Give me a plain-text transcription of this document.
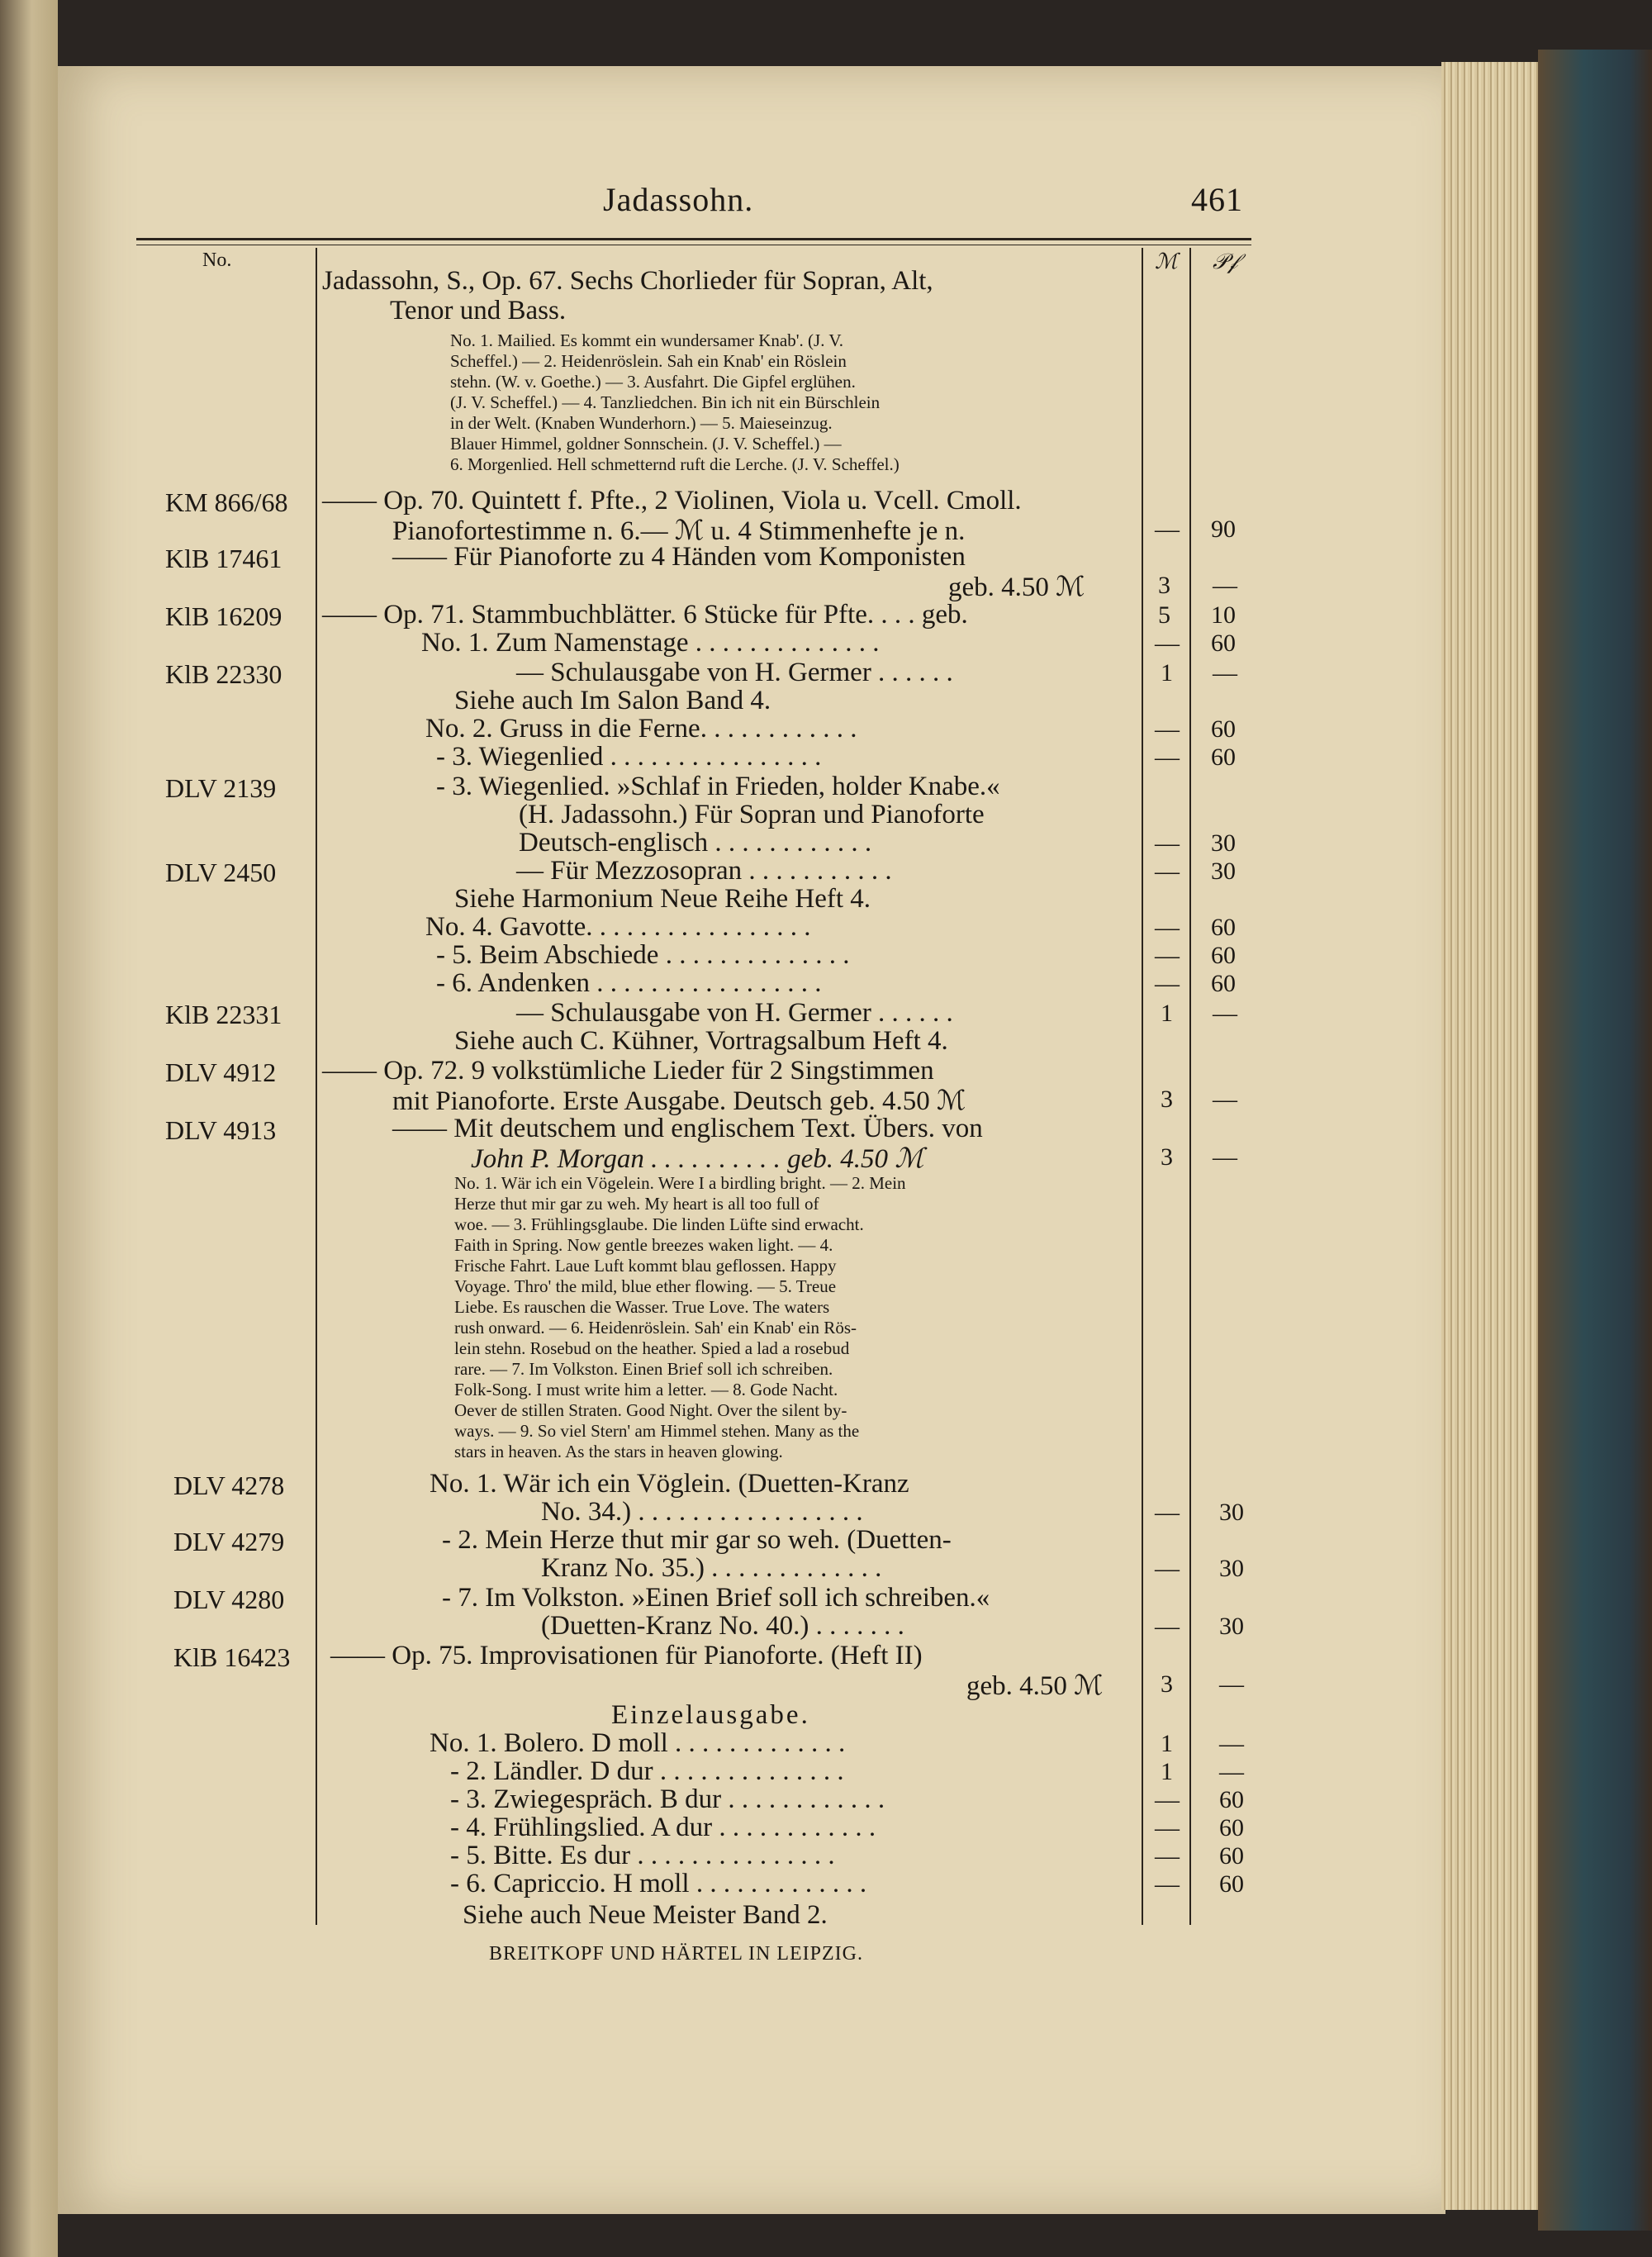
Jadassohn.	461
No.	ℳ 𝒫𝒻
Jadassohn, S., Op. 67. Sechs Chorlieder für Sopran, Alt,
Tenor und Bass.
No. 1. Mailied. Es kommt ein wundersamer Knab'. (J. V.
Scheffel.) — 2. Heidenröslein. Sah ein Knab' ein Röslein
stehn. (W. v. Goethe.) — 3. Ausfahrt. Die Gipfel erglühen.
(J. V. Scheffel.) — 4. Tanzliedchen. Bin ich nit ein Bürschlein
in der Welt. (Knaben Wunderhorn.) — 5. Maieseinzug.
Blauer Himmel, goldner Sonnschein. (J. V. Scheffel.) —
6. Morgenlied. Hell schmetternd ruft die Lerche. (J. V. Scheffel.)
KM 866/68 —— Op. 70. Quintett f. Pfte., 2 Violinen, Viola u. Vcell. Cmoll.
Pianofortestimme n. 6.— ℳ u. 4 Stimmenhefte je n.	— 90
KlB 17461	—— Für Pianoforte zu 4 Händen vom Komponisten
geb. 4.50 ℳ	3 —
KlB 16209 —— Op. 71. Stammbuchblätter. 6 Stücke für Pfte. . . . geb.	5 10
No. 1. Zum Namenstage . . . . . . . . . . . . . .	— 60
KlB 22330	— Schulausgabe von H. Germer . . . . . .	1 —
Siehe auch Im Salon Band 4.
No. 2. Gruss in die Ferne. . . . . . . . . . . .	— 60
- 3. Wiegenlied . . . . . . . . . . . . . . . .	— 60
DLV 2139	- 3. Wiegenlied. »Schlaf in Frieden, holder Knabe.«
(H. Jadassohn.) Für Sopran und Pianoforte
Deutsch-englisch . . . . . . . . . . . .	— 30
DLV 2450	— Für Mezzosopran . . . . . . . . . . .	— 30
Siehe Harmonium Neue Reihe Heft 4.
No. 4. Gavotte. . . . . . . . . . . . . . . . .	— 60
- 5. Beim Abschiede . . . . . . . . . . . . . .	— 60
- 6. Andenken . . . . . . . . . . . . . . . . .	— 60
KlB 22331	— Schulausgabe von H. Germer . . . . . .	1 —
Siehe auch C. Kühner, Vortragsalbum Heft 4.
DLV 4912 —— Op. 72. 9 volkstümliche Lieder für 2 Singstimmen
mit Pianoforte. Erste Ausgabe. Deutsch geb. 4.50 ℳ	3 —
DLV 4913	—— Mit deutschem und englischem Text. Übers. von
John P. Morgan . . . . . . . . . . geb. 4.50 ℳ	3 —
No. 1. Wär ich ein Vögelein. Were I a birdling bright. — 2. Mein
Herze thut mir gar zu weh. My heart is all too full of
woe. — 3. Frühlingsglaube. Die linden Lüfte sind erwacht.
Faith in Spring. Now gentle breezes waken light. — 4.
Frische Fahrt. Laue Luft kommt blau geflossen. Happy
Voyage. Thro' the mild, blue ether flowing. — 5. Treue
Liebe. Es rauschen die Wasser. True Love. The waters
rush onward. — 6. Heidenröslein. Sah' ein Knab' ein Rös-
lein stehn. Rosebud on the heather. Spied a lad a rosebud
rare. — 7. Im Volkston. Einen Brief soll ich schreiben.
Folk-Song. I must write him a letter. — 8. Gode Nacht.
Oever de stillen Straten. Good Night. Over the silent by-
ways. — 9. So viel Stern' am Himmel stehen. Many as the
stars in heaven. As the stars in heaven glowing.
DLV 4278	No. 1. Wär ich ein Vöglein. (Duetten-Kranz
No. 34.) . . . . . . . . . . . . . . . . .	— 30
DLV 4279	- 2. Mein Herze thut mir gar so weh. (Duetten-
Kranz No. 35.) . . . . . . . . . . . . .	— 30
DLV 4280	- 7. Im Volkston. »Einen Brief soll ich schreiben.«
(Duetten-Kranz No. 40.) . . . . . . .	— 30
KlB 16423 —— Op. 75. Improvisationen für Pianoforte. (Heft II)
geb. 4.50 ℳ 3 —
Einzelausgabe.
No. 1. Bolero. D moll . . . . . . . . . . . . .	1 —
- 2. Ländler. D dur . . . . . . . . . . . . . .	1 —
- 3. Zwiegespräch. B dur . . . . . . . . . . . .	— 60
- 4. Frühlingslied. A dur . . . . . . . . . . . .	— 60
- 5. Bitte. Es dur . . . . . . . . . . . . . . .	— 60
- 6. Capriccio. H moll . . . . . . . . . . . . .	— 60
Siehe auch Neue Meister Band 2.
BREITKOPF UND HÄRTEL IN LEIPZIG.
